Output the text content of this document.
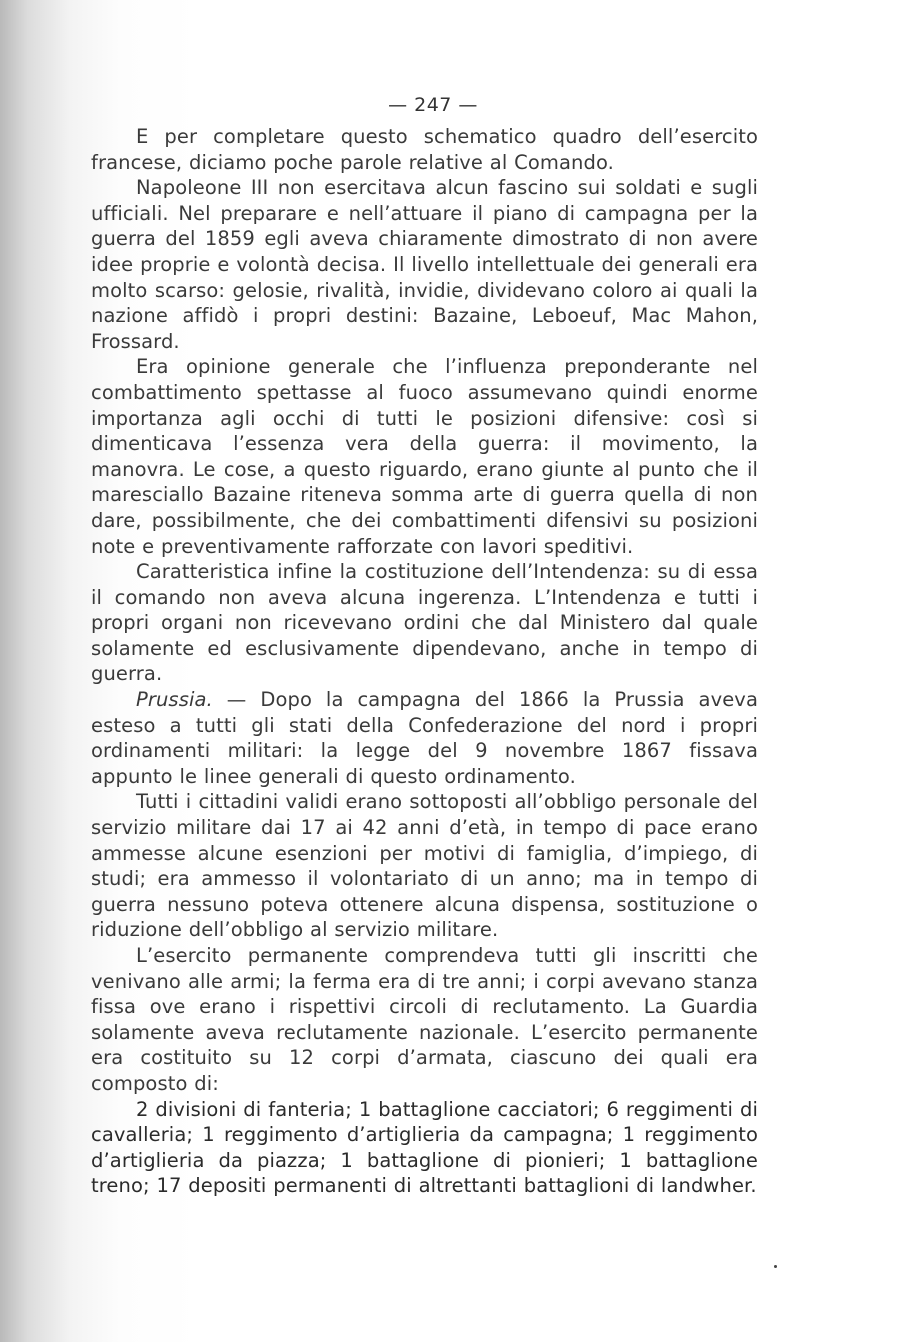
— 247 —

E per completare questo schematico quadro dell’esercito francese, diciamo poche parole relative al Comando.

Napoleone III non esercitava alcun fascino sui soldati e sugli ufficiali. Nel preparare e nell’attuare il piano di campagna per la guerra del 1859 egli aveva chiaramente dimostrato di non avere idee proprie e volontà decisa. Il livello intellettuale dei generali era molto scarso: gelosie, rivalità, invidie, dividevano coloro ai quali la nazione affidò i propri destini: Bazaine, Leboeuf, Mac Mahon, Frossard.

Era opinione generale che l’influenza preponderante nel combattimento spettasse al fuoco assumevano quindi enorme importanza agli occhi di tutti le posizioni difensive: così si dimenticava l’essenza vera della guerra: il movimento, la manovra. Le cose, a questo riguardo, erano giunte al punto che il maresciallo Bazaine riteneva somma arte di guerra quella di non dare, possibilmente, che dei combattimenti difensivi su posizioni note e preventivamente rafforzate con lavori speditivi.

Caratteristica infine la costituzione dell’Intendenza: su di essa il comando non aveva alcuna ingerenza. L’Intendenza e tutti i propri organi non ricevevano ordini che dal Ministero dal quale solamente ed esclusivamente dipendevano, anche in tempo di guerra.

Prussia. — Dopo la campagna del 1866 la Prussia aveva esteso a tutti gli stati della Confederazione del nord i propri ordinamenti militari: la legge del 9 novembre 1867 fissava appunto le linee generali di questo ordinamento.

Tutti i cittadini validi erano sottoposti all’obbligo personale del servizio militare dai 17 ai 42 anni d’età, in tempo di pace erano ammesse alcune esenzioni per motivi di famiglia, d’impiego, di studi; era ammesso il volontariato di un anno; ma in tempo di guerra nessuno poteva ottenere alcuna dispensa, sostituzione o riduzione dell’obbligo al servizio militare.

L’esercito permanente comprendeva tutti gli inscritti che venivano alle armi; la ferma era di tre anni; i corpi avevano stanza fissa ove erano i rispettivi circoli di reclutamento. La Guardia solamente aveva reclutamente nazionale. L’esercito permanente era costituito su 12 corpi d’armata, ciascuno dei quali era composto di:

2 divisioni di fanteria; 1 battaglione cacciatori; 6 reggimenti di cavalleria; 1 reggimento d’artiglieria da campagna; 1 reggimento d’artiglieria da piazza; 1 battaglione di pionieri; 1 battaglione treno; 17 depositi permanenti di altrettanti battaglioni di landwher.
